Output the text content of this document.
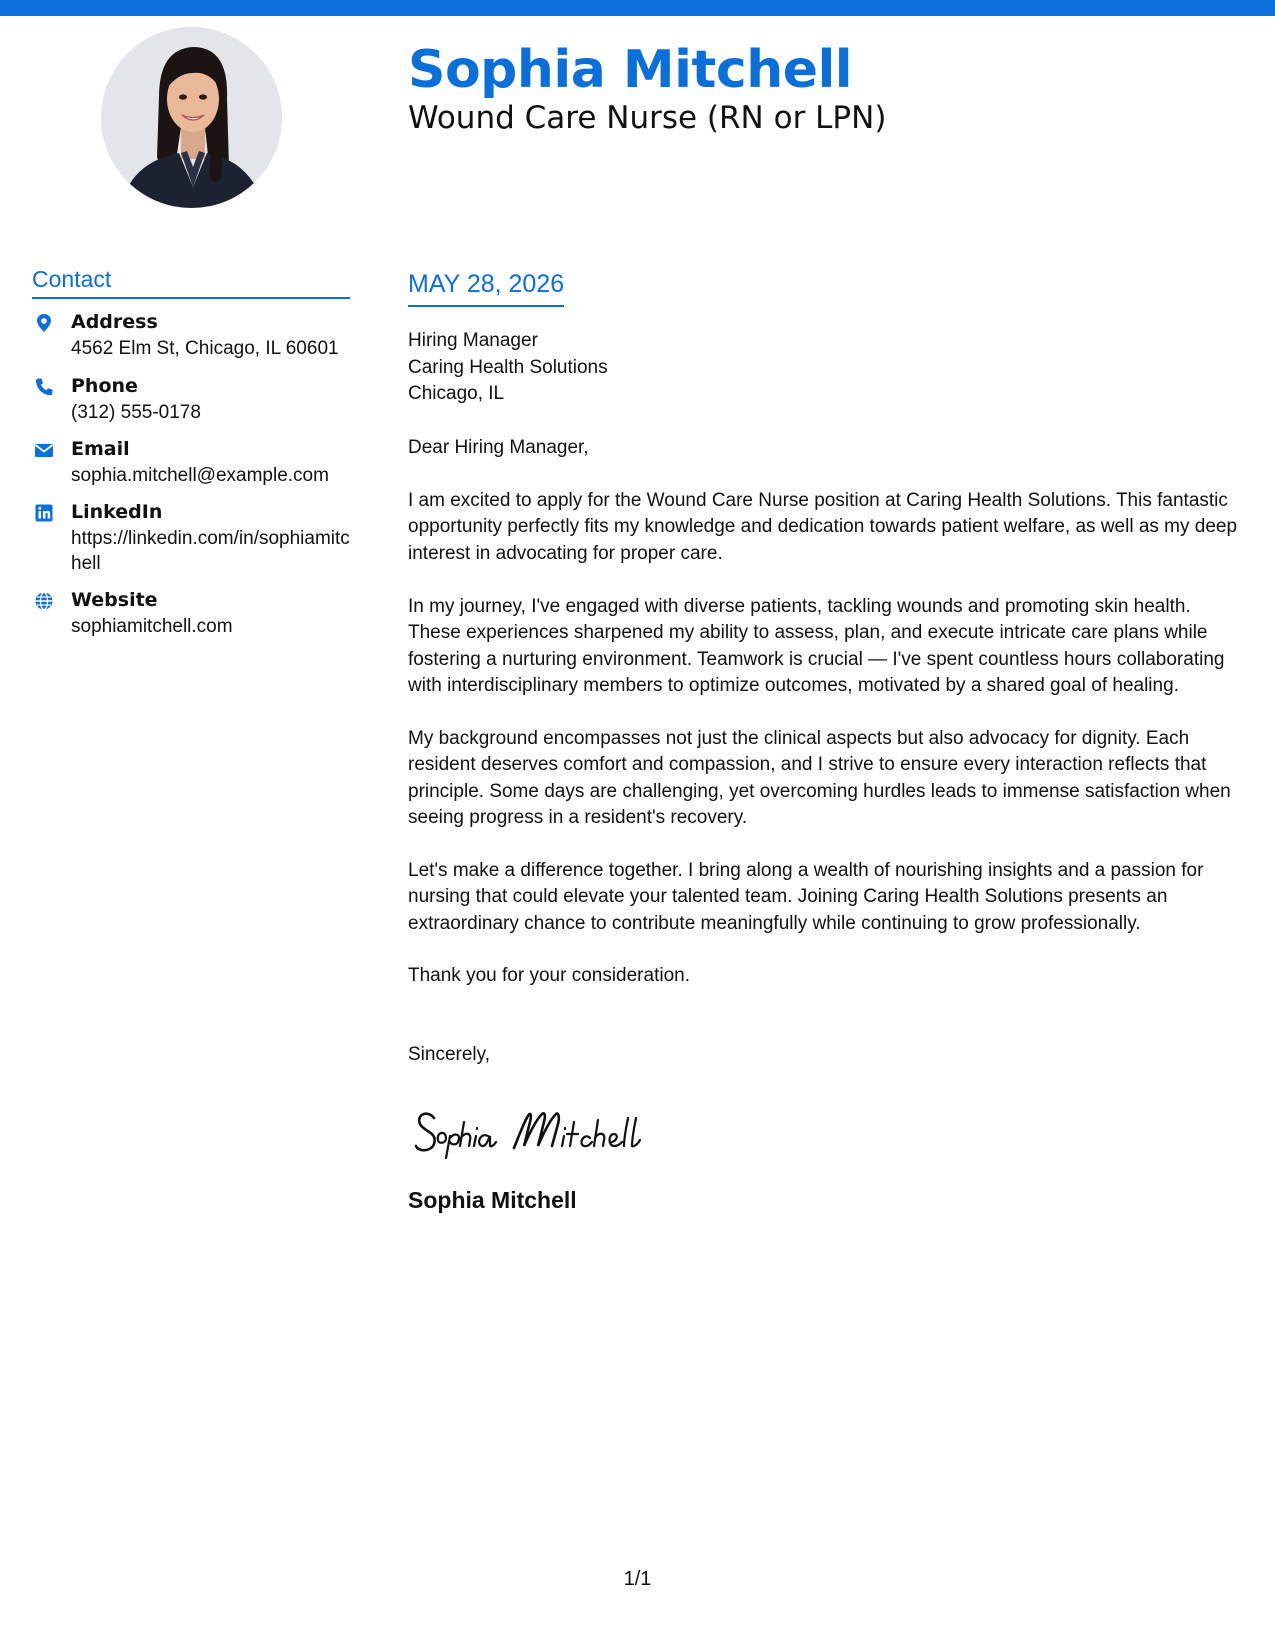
Sophia Mitchell
Wound Care Nurse (RN or LPN)
Contact
Address
4562 Elm St, Chicago, IL 60601
Phone
(312) 555-0178
Email
sophia.mitchell@example.com
LinkedIn
https://linkedin.com/in/sophiamitchell
Website
sophiamitchell.com
MAY 28, 2026
Hiring Manager
Caring Health Solutions
Chicago, IL
Dear Hiring Manager,
I am excited to apply for the Wound Care Nurse position at Caring Health Solutions. This fantastic opportunity perfectly fits my knowledge and dedication towards patient welfare, as well as my deep interest in advocating for proper care.
In my journey, I've engaged with diverse patients, tackling wounds and promoting skin health. These experiences sharpened my ability to assess, plan, and execute intricate care plans while fostering a nurturing environment. Teamwork is crucial — I've spent countless hours collaborating with interdisciplinary members to optimize outcomes, motivated by a shared goal of healing.
My background encompasses not just the clinical aspects but also advocacy for dignity. Each resident deserves comfort and compassion, and I strive to ensure every interaction reflects that principle. Some days are challenging, yet overcoming hurdles leads to immense satisfaction when seeing progress in a resident's recovery.
Let's make a difference together. I bring along a wealth of nourishing insights and a passion for nursing that could elevate your talented team. Joining Caring Health Solutions presents an extraordinary chance to contribute meaningfully while continuing to grow professionally.
Thank you for your consideration.
Sincerely,
Sophia Mitchell
1/1
